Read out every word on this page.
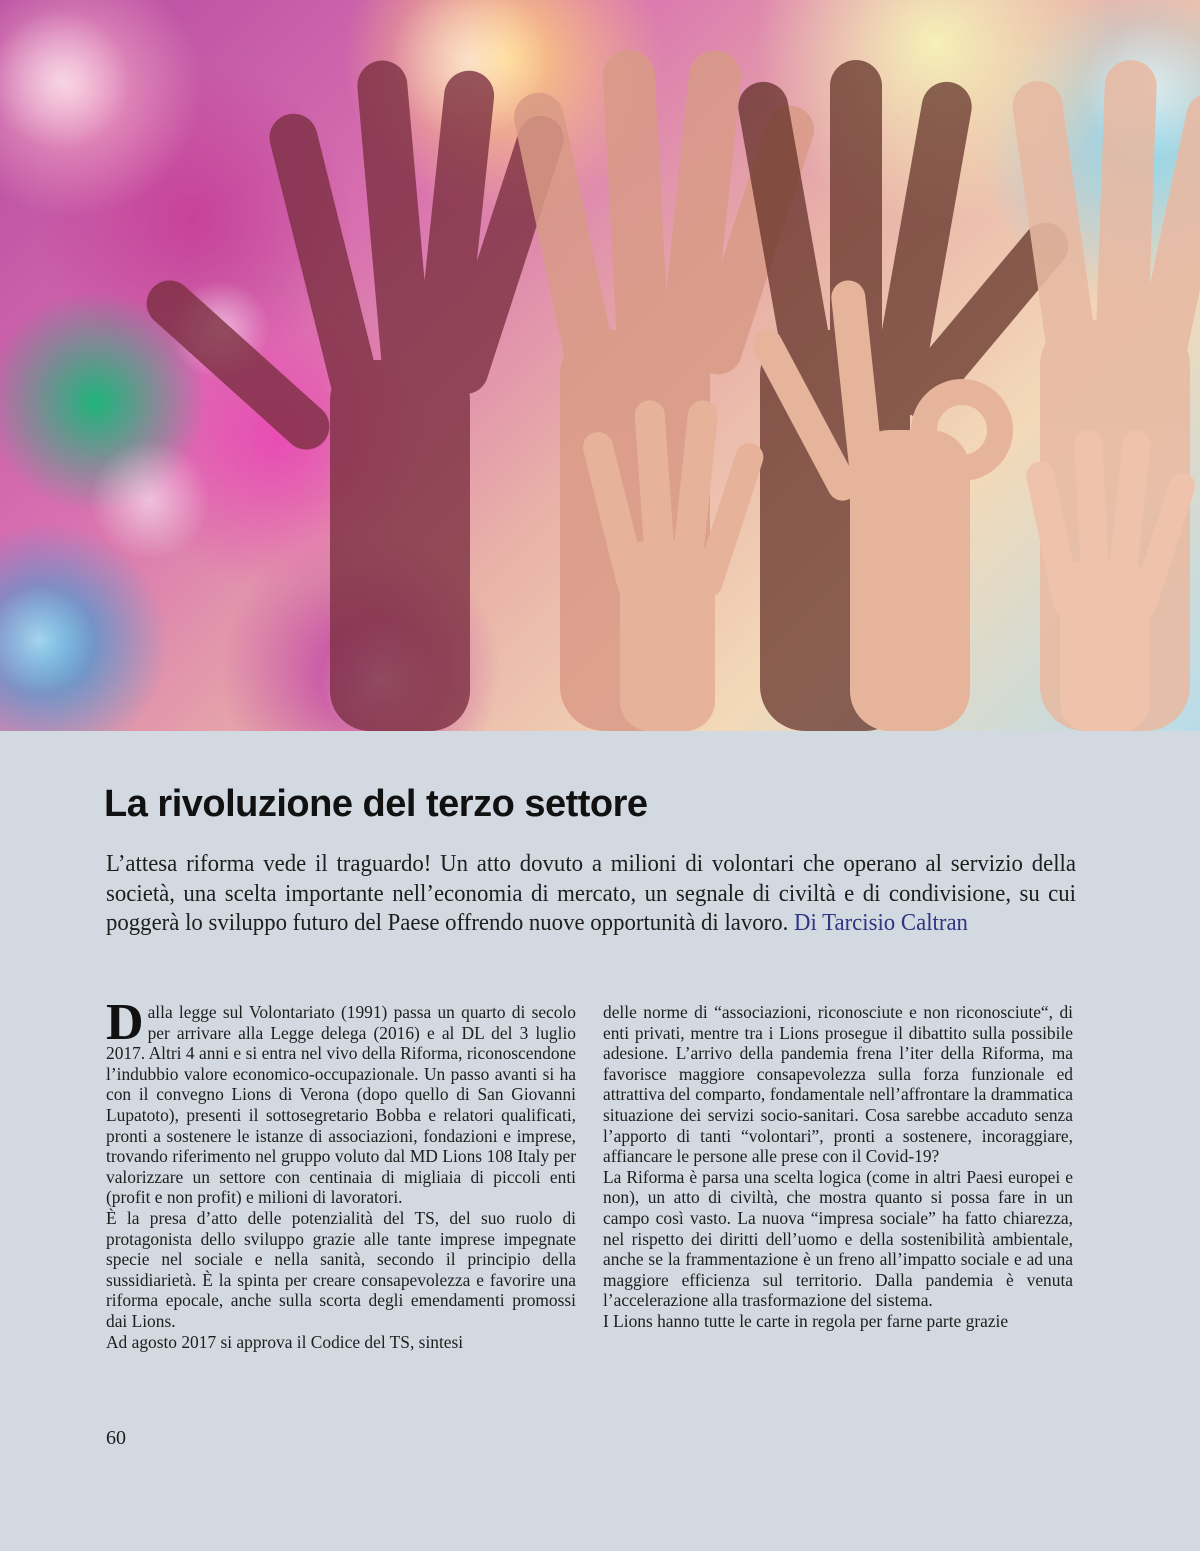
La rivoluzione del terzo settore

L’attesa riforma vede il traguardo! Un atto dovuto a milioni di volontari che operano al servizio della società, una scelta importante nell’economia di mercato, un segnale di civiltà e di condivisione, su cui poggerà lo sviluppo futuro del Paese offrendo nuove opportunità di lavoro. Di Tarcisio Caltran

Dalla legge sul Volontariato (1991) passa un quarto di secolo per arrivare alla Legge delega (2016) e al DL del 3 luglio 2017. Altri 4 anni e si entra nel vivo della Riforma, riconoscendone l’indubbio valore economico-occupazionale. Un passo avanti si ha con il convegno Lions di Verona (dopo quello di San Giovanni Lupatoto), presenti il sottosegretario Bobba e relatori qualificati, pronti a sostenere le istanze di associazioni, fondazioni e imprese, trovando riferimento nel gruppo voluto dal MD Lions 108 Italy per valorizzare un settore con centinaia di migliaia di piccoli enti (profit e non profit) e milioni di lavoratori.

È la presa d’atto delle potenzialità del TS, del suo ruolo di protagonista dello sviluppo grazie alle tante imprese impegnate specie nel sociale e nella sanità, secondo il principio della sussidiarietà. È la spinta per creare consapevolezza e favorire una riforma epocale, anche sulla scorta degli emendamenti promossi dai Lions.

Ad agosto 2017 si approva il Codice del TS, sintesi

delle norme di “associazioni, riconosciute e non riconosciute“, di enti privati, mentre tra i Lions prosegue il dibattito sulla possibile adesione. L’arrivo della pandemia frena l’iter della Riforma, ma favorisce maggiore consapevolezza sulla forza funzionale ed attrattiva del comparto, fondamentale nell’affrontare la drammatica situazione dei servizi socio-sanitari. Cosa sarebbe accaduto senza l’apporto di tanti “volontari”, pronti a sostenere, incoraggiare, affiancare le persone alle prese con il Covid-19?

La Riforma è parsa una scelta logica (come in altri Paesi europei e non), un atto di civiltà, che mostra quanto si possa fare in un campo così vasto. La nuova “impresa sociale” ha fatto chiarezza, nel rispetto dei diritti dell’uomo e della sostenibilità ambientale, anche se la frammentazione è un freno all’impatto sociale e ad una maggiore efficienza sul territorio. Dalla pandemia è venuta l’accelerazione alla trasformazione del sistema.

I Lions hanno tutte le carte in regola per farne parte grazie

60
